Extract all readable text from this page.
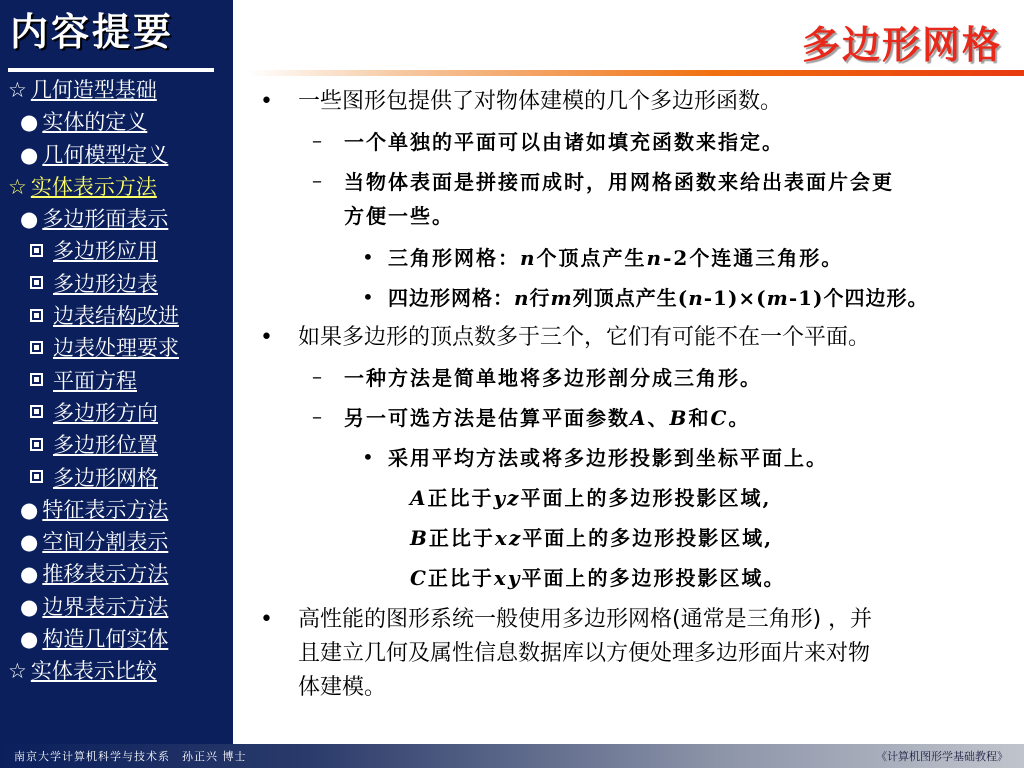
内容提要
☆ 几何造型基础
● 实体的定义
● 几何模型定义
☆ 实体表示方法
● 多边形面表示
多边形应用
多边形边表
边表结构改进
边表处理要求
平面方程
多边形方向
多边形位置
多边形网格
● 特征表示方法
● 空间分割表示
● 推移表示方法
● 边界表示方法
● 构造几何实体
☆ 实体表示比较
多边形网格
• 一些图形包提供了对物体建模的几个多边形函数。
– 一个单独的平面可以由诸如填充函数来指定。
– 当物体表面是拼接而成时，用网格函数来给出表面片会更
方便一些。
• 三角形网格：n个顶点产生n-2个连通三角形。
• 四边形网格：n行m列顶点产生(n-1)×(m-1)个四边形。
• 如果多边形的顶点数多于三个，它们有可能不在一个平面。
– 一种方法是简单地将多边形剖分成三角形。
– 另一可选方法是估算平面参数A、B和C。
• 采用平均方法或将多边形投影到坐标平面上。
A正比于yz平面上的多边形投影区域,
B正比于xz平面上的多边形投影区域,
C正比于xy平面上的多边形投影区域。
• 高性能的图形系统一般使用多边形网格(通常是三角形) ，并
且建立几何及属性信息数据库以方便处理多边形面片来对物
体建模。
南京大学计算机科学与技术系　孙正兴 博士	《计算机图形学基础教程》
